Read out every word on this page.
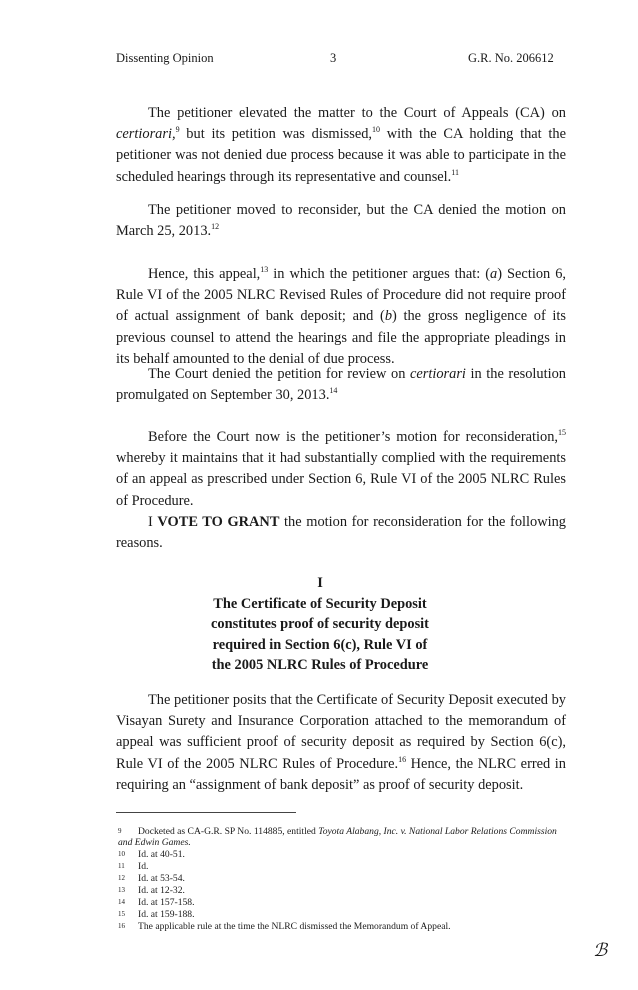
Dissenting Opinion	3	G.R. No. 206612

The petitioner elevated the matter to the Court of Appeals (CA) on certiorari,$^9$ but its petition was dismissed,$^{10}$ with the CA holding that the petitioner was not denied due process because it was able to participate in the scheduled hearings through its representative and counsel.$^{11}$

The petitioner moved to reconsider, but the CA denied the motion on March 25, 2013.12

Hence, this appeal,$^{13}$ in which the petitioner argues that: (a) Section 6, Rule VI of the 2005 NLRC Revised Rules of Procedure did not require proof of actual assignment of bank deposit; and (b) the gross negligence of its previous counsel to attend the hearings and file the appropriate pleadings in its behalf amounted to the denial of due process.

The Court denied the petition for review on certiorari in the resolution promulgated on September 30, 2013.14

Before the Court now is the petitioner’s motion for reconsideration,$^{15}$ whereby it maintains that it had substantially complied with the requirements of an appeal as prescribed under Section 6, Rule VI of the 2005 NLRC Rules of Procedure.

I VOTE TO GRANT the motion for reconsideration for the following reasons.

I
The Certificate of Security Deposit
constitutes proof of security deposit
required in Section 6(c), Rule VI of
the 2005 NLRC Rules of Procedure

The petitioner posits that the Certificate of Security Deposit executed by Visayan Surety and Insurance Corporation attached to the memorandum of appeal was sufficient proof of security deposit as required by Section 6(c), Rule VI of the 2005 NLRC Rules of Procedure.$^{16}$ Hence, the NLRC erred in requiring an “assignment of bank deposit” as proof of security deposit.

9 Docketed as CA-G.R. SP No. 114885, entitled Toyota Alabang, Inc. v. National Labor Relations Commission and Edwin Games.
10 Id. at 40-51.
11 Id.
12 Id. at 53-54.
13 Id. at 12-32.
14 Id. at 157-158.
15 Id. at 159-188.
16 The applicable rule at the time the NLRC dismissed the Memorandum of Appeal.
ℬ
